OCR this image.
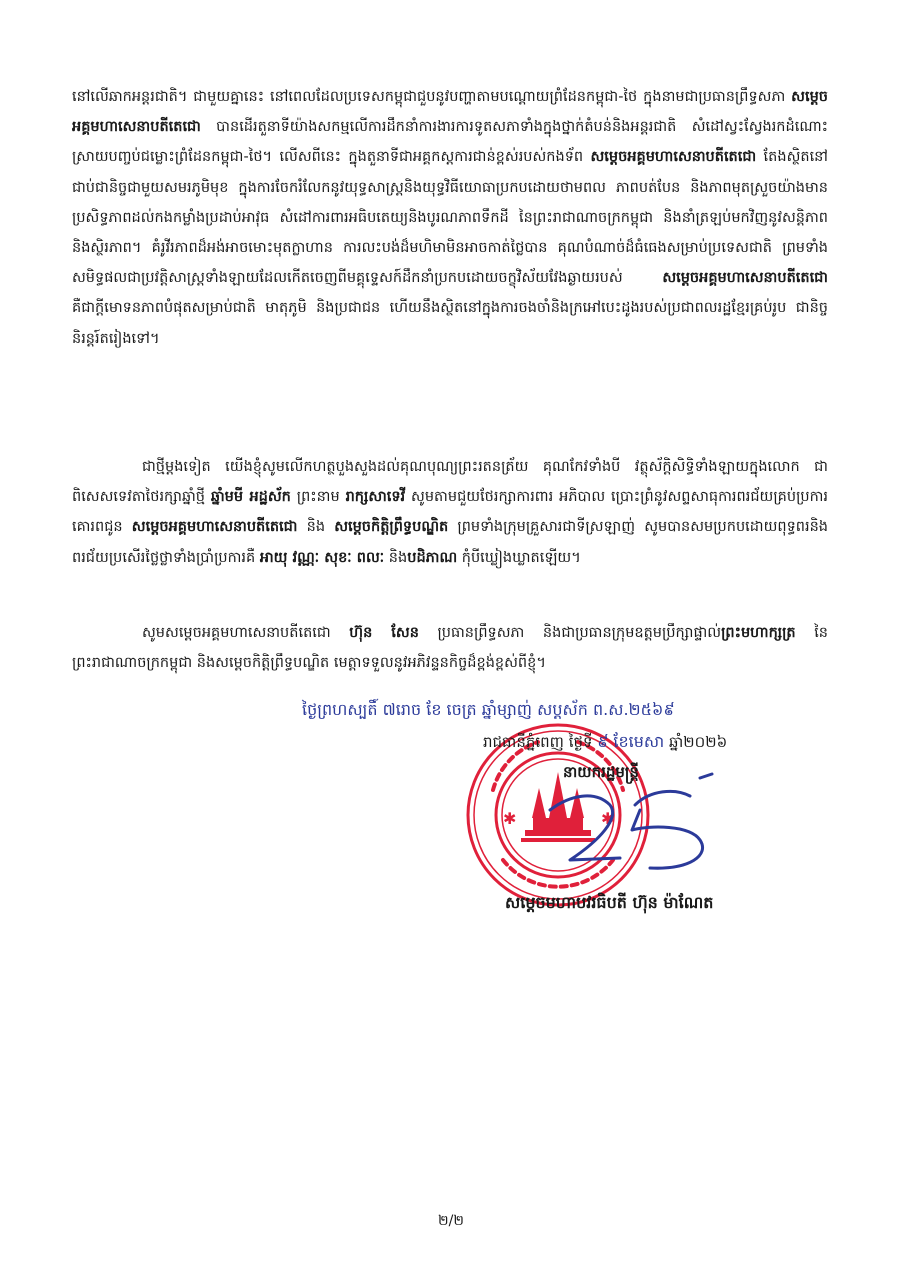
នៅលើឆាកអន្តរជាតិ។ ជាមួយគ្នានេះ នៅពេលដែលប្រទេសកម្ពុជាជួបនូវបញ្ហាតាមបណ្តោយព្រំដែនកម្ពុជា-ថៃ ក្នុងនាមជាប្រធានព្រឹទ្ធសភា សម្តេចអគ្គមហាសេនាបតីតេជោ បានដើរតួនាទីយ៉ាងសកម្មលើការដឹកនាំការងារការទូតសភាទាំងក្នុងថ្នាក់តំបន់និងអន្តរជាតិ សំដៅស្វះស្វែងរកដំណោះស្រាយបញ្ចប់ជម្លោះព្រំដែនកម្ពុជា-ថៃ។ លើសពីនេះ ក្នុងតួនាទីជាអគ្គកស្តការជាន់ខ្ពស់របស់កងទ័ព សម្តេចអគ្គមហាសេនាបតីតេជោ តែងស្ថិតនៅជាប់ជានិច្ចជាមួយសមរភូមិមុខ ក្នុងការចែករំលែកនូវយុទ្ធសាស្ត្រនិងយុទ្ធវិធីយោធាប្រកបដោយថាមពល ភាពបត់បែន និងភាពមុតស្រួចយ៉ាងមានប្រសិទ្ធភាពដល់កងកម្លាំងប្រដាប់អាវុធ សំដៅការពារអធិបតេយ្យនិងបូរណភាពទឹកដី នៃព្រះរាជាណាចក្រកម្ពុជា និងនាំត្រឡប់មកវិញនូវសន្តិភាពនិងស្ថិរភាព។ គំរូវីរភាពដ៏អង់អាចមោះមុតក្លាហាន ការលះបង់ដ៏មហិមាមិនអាចកាត់ថ្លៃបាន គុណបំណាច់ដ៏ធំធេងសម្រាប់ប្រទេសជាតិ ព្រមទាំងសមិទ្ធផលជាប្រវត្តិសាស្ត្រទាំងឡាយដែលកើតចេញពីមគ្គុទ្ទេសក៍ដឹកនាំប្រកបដោយចក្ខុវិស័យវែងឆ្ងាយរបស់ សម្តេចអគ្គមហាសេនាបតីតេជោ គឺជាក្តីមោទនភាពបំផុតសម្រាប់ជាតិ មាតុភូមិ និងប្រជាជន ហើយនឹងស្ថិតនៅក្នុងការចងចាំនិងក្រអៅបេះដូងរបស់ប្រជាពលរដ្ឋខ្មែរគ្រប់រូប ជានិច្ចនិរន្តរ៍តរៀងទៅ។

ជាថ្មីម្តងទៀត យើងខ្ញុំសូមលើកហត្ថបួងសួងដល់គុណបុណ្យព្រះរតនត្រ័យ គុណកែវទាំងបី វត្ថុស័ក្តិសិទ្ធិទាំងឡាយក្នុងលោក ជាពិសេសទេវតាថៃរក្សាឆ្នាំថ្មី ឆ្នាំមមី អដ្ឋស័ក ព្រះនាម រាក្សសាទេវី សូមតាមជួយថែរក្សាការពារ អភិបាល ប្រោះព្រំនូវសព្ទសាធុការពរជ័យគ្រប់ប្រការ គោរពជូន សម្តេចអគ្គមហាសេនាបតីតេជោ និង សម្តេចកិត្តិព្រឹទ្ធបណ្ឌិត ព្រមទាំងក្រុមគ្រួសារជាទីស្រឡាញ់ សូមបានសមប្រកបដោយពុទ្ធពរនិងពរជ័យប្រសើរថ្លៃថ្លាទាំងប្រាំប្រការគឺ អាយុ វណ្ណៈ សុខៈ ពលៈ និងបដិភាណ កុំបីឃ្លៀងឃ្លាតឡើយ។

សូមសម្តេចអគ្គមហាសេនាបតីតេជោ ហ៊ុន សែន ប្រធានព្រឹទ្ធសភា និងជាប្រធានក្រុមឧត្តមប្រឹក្សាផ្ទាល់ព្រះមហាក្សត្រ នៃព្រះរាជាណាចក្រកម្ពុជា និងសម្តេចកិត្តិព្រឹទ្ធបណ្ឌិត មេត្តាទទួលនូវអភិវន្ទនកិច្ចដ៏ខ្ពង់ខ្ពស់ពីខ្ញុំ។

✱	✱
ថ្ងៃព្រហស្បតិ៍ ៧រោច ខែ ចេត្រ ឆ្នាំម្សាញ់ សប្តស័ក ព.ស.២៥៦៩
រាជធានីភ្នំពេញ ថ្ងៃទី ៩ ខែមេសា ឆ្នាំ២០២៦
នាយករដ្ឋមន្ត្រី
សម្តេចមហាបវរធិបតី ហ៊ុន ម៉ាណែត
២/២
